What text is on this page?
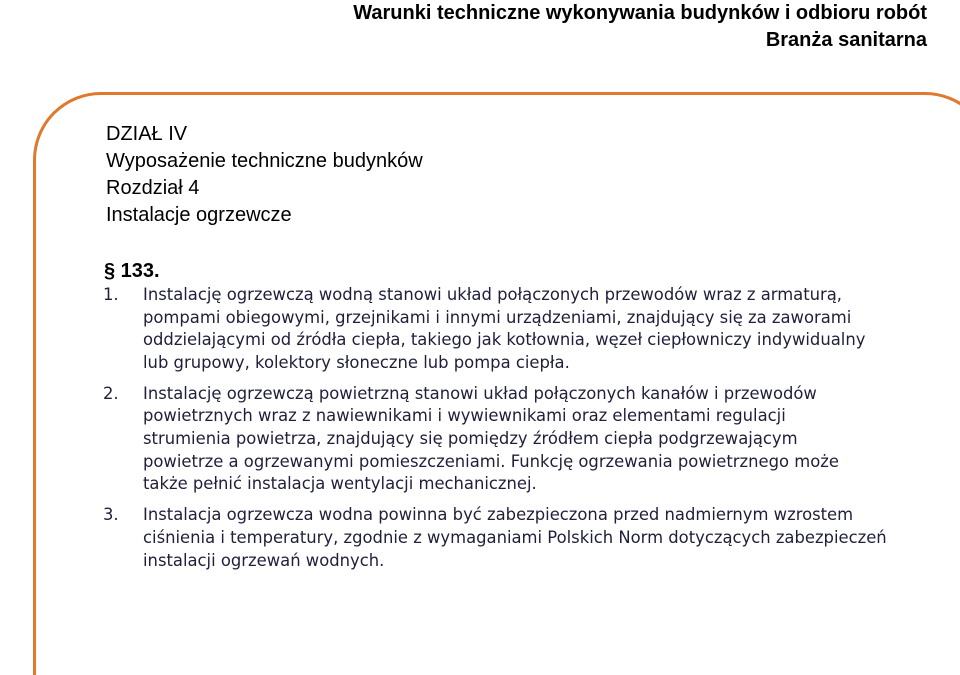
Warunki techniczne wykonywania budynków i odbioru robót
Branża sanitarna
DZIAŁ IV
Wyposażenie techniczne budynków
Rozdział 4
Instalacje ogrzewcze
§ 133.
1.	Instalację ogrzewczą wodną stanowi układ połączonych przewodów wraz z armaturą,
pompami obiegowymi, grzejnikami i innymi urządzeniami, znajdujący się za zaworami
oddzielającymi od źródła ciepła, takiego jak kotłownia, węzeł ciepłowniczy indywidualny
lub grupowy, kolektory słoneczne lub pompa ciepła.
2.	Instalację ogrzewczą powietrzną stanowi układ połączonych kanałów i przewodów
powietrznych wraz z nawiewnikami i wywiewnikami oraz elementami regulacji
strumienia powietrza, znajdujący się pomiędzy źródłem ciepła podgrzewającym
powietrze a ogrzewanymi pomieszczeniami. Funkcję ogrzewania powietrznego może
także pełnić instalacja wentylacji mechanicznej.
3.	Instalacja ogrzewcza wodna powinna być zabezpieczona przed nadmiernym wzrostem
ciśnienia i temperatury, zgodnie z wymaganiami Polskich Norm dotyczących zabezpieczeń
instalacji ogrzewań wodnych.
